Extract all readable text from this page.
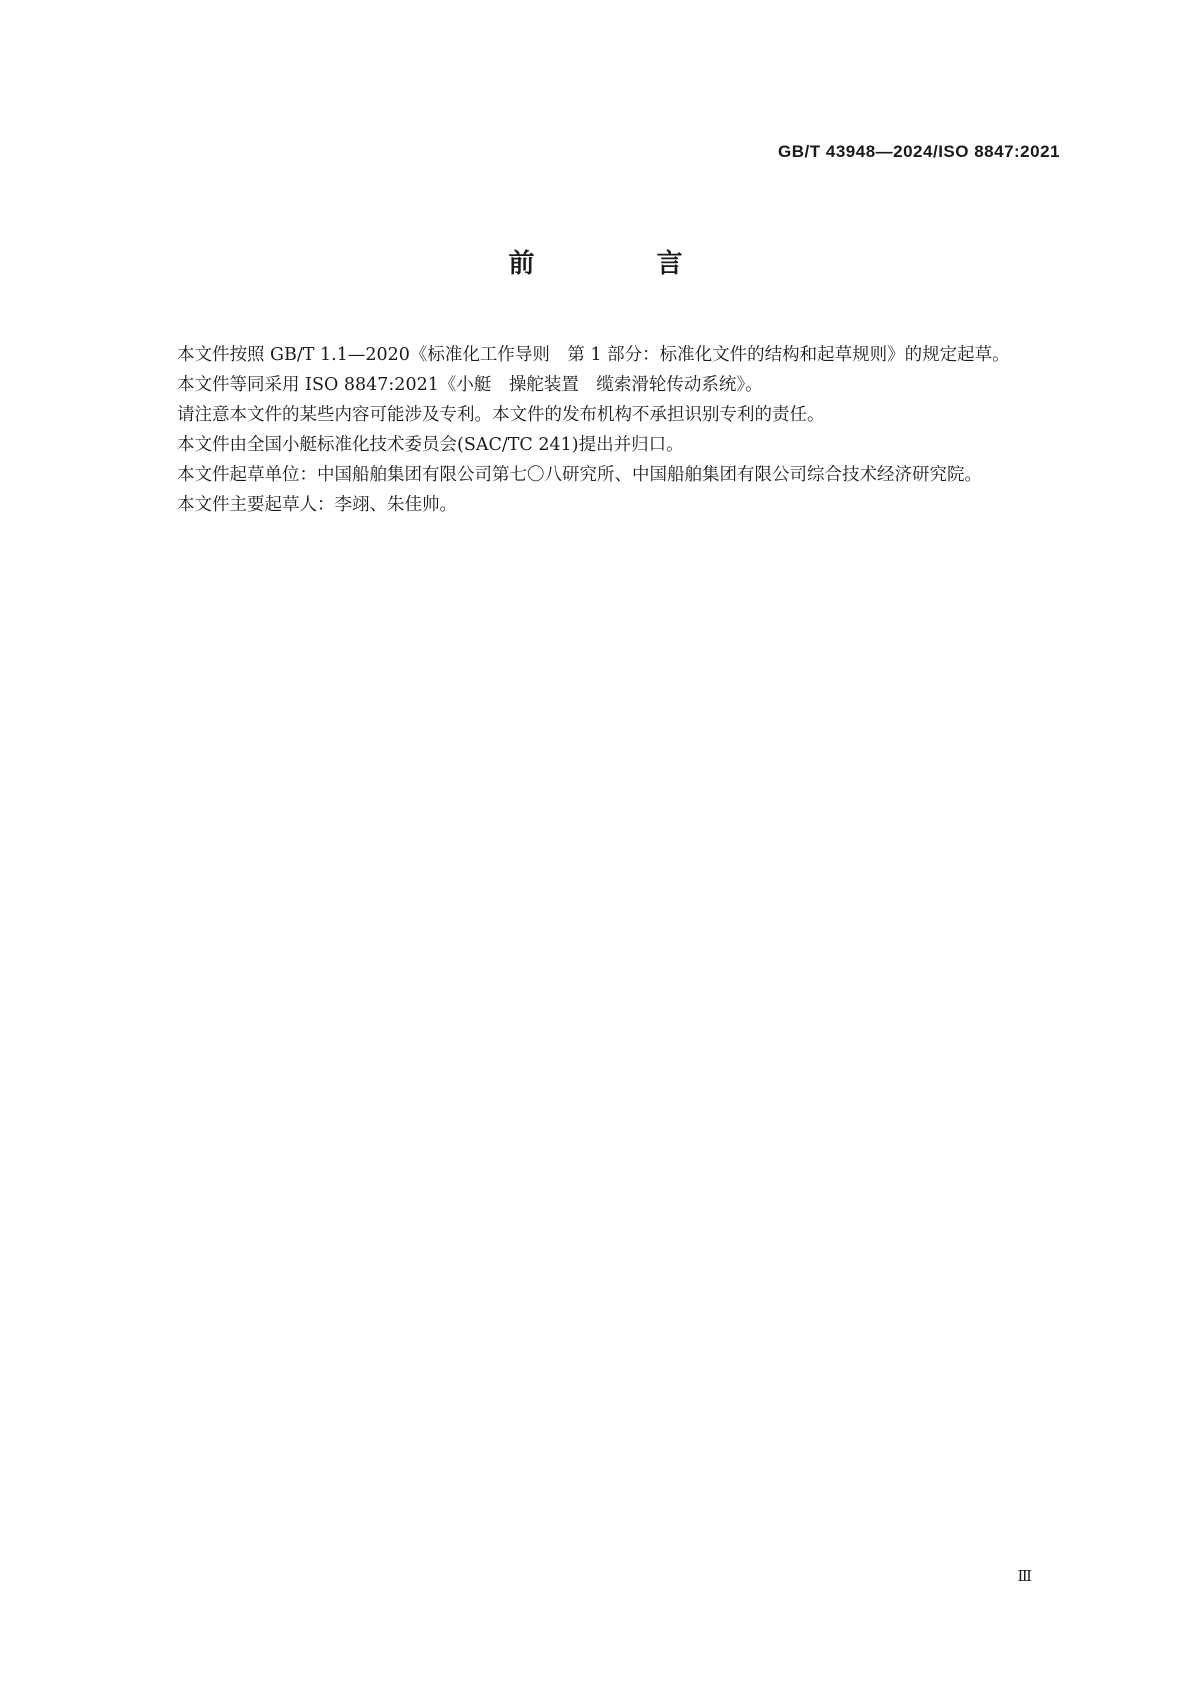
GB/T 43948—2024/ISO 8847:2021
前　言

本文件按照 GB/T 1.1—2020《标准化工作导则　第 1 部分：标准化文件的结构和起草规则》的规定起草。

本文件等同采用 ISO 8847:2021《小艇　操舵装置　缆索滑轮传动系统》。

请注意本文件的某些内容可能涉及专利。本文件的发布机构不承担识别专利的责任。

本文件由全国小艇标准化技术委员会(SAC/TC 241)提出并归口。

本文件起草单位：中国船舶集团有限公司第七〇八研究所、中国船舶集团有限公司综合技术经济研究院。

本文件主要起草人：李翊、朱佳帅。

Ⅲ
